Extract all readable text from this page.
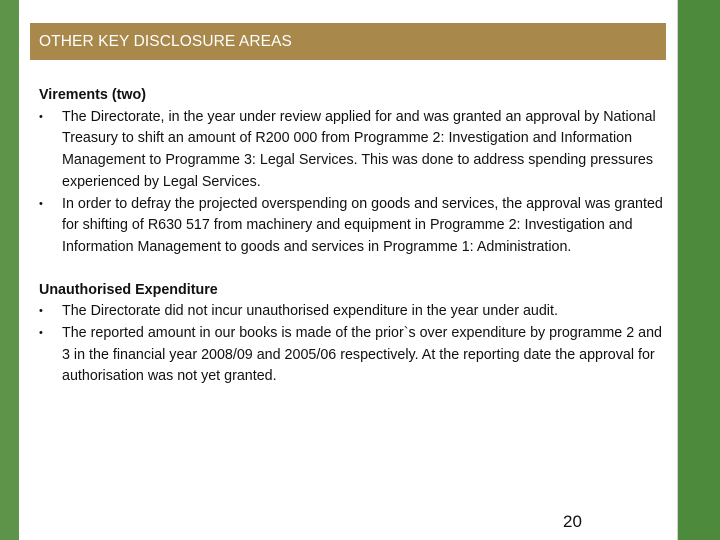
OTHER KEY DISCLOSURE AREAS

Virements (two)

•	The Directorate, in the year under review applied for and was granted an approval by National Treasury to shift an amount of R200 000 from Programme 2: Investigation and Information Management to Programme 3: Legal Services. This was done to address spending pressures experienced by Legal Services.
•	In order to defray the projected overspending on goods and services, the approval was granted for shifting of R630 517 from machinery and equipment in Programme 2: Investigation and Information Management to goods and services in Programme 1: Administration.

Unauthorised Expenditure

•	The Directorate did not incur unauthorised expenditure in the year under audit.
•	The reported amount in our books is made of the prior`s over expenditure by programme 2 and 3 in the financial year 2008/09 and 2005/06 respectively. At the reporting date the approval for authorisation was not yet granted.
20
